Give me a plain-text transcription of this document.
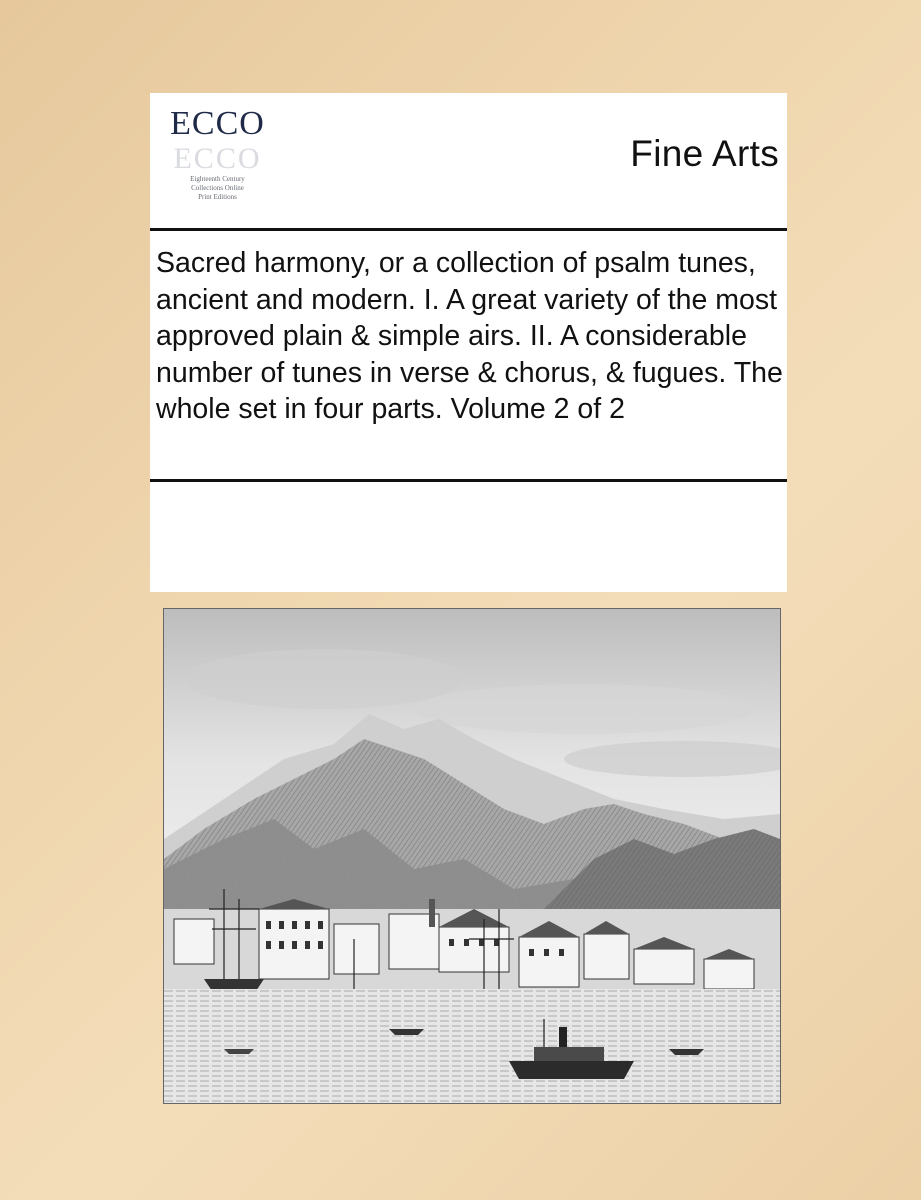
ECCO
ECCO
Eighteenth Century
Collections Online
Print Editions
Fine Arts
Sacred harmony, or a collection of psalm tunes, ancient and modern. I. A great variety of the most approved plain & simple airs. II. A considerable number of tunes in verse & chorus, & fugues. The whole set in four parts. Volume 2 of 2
